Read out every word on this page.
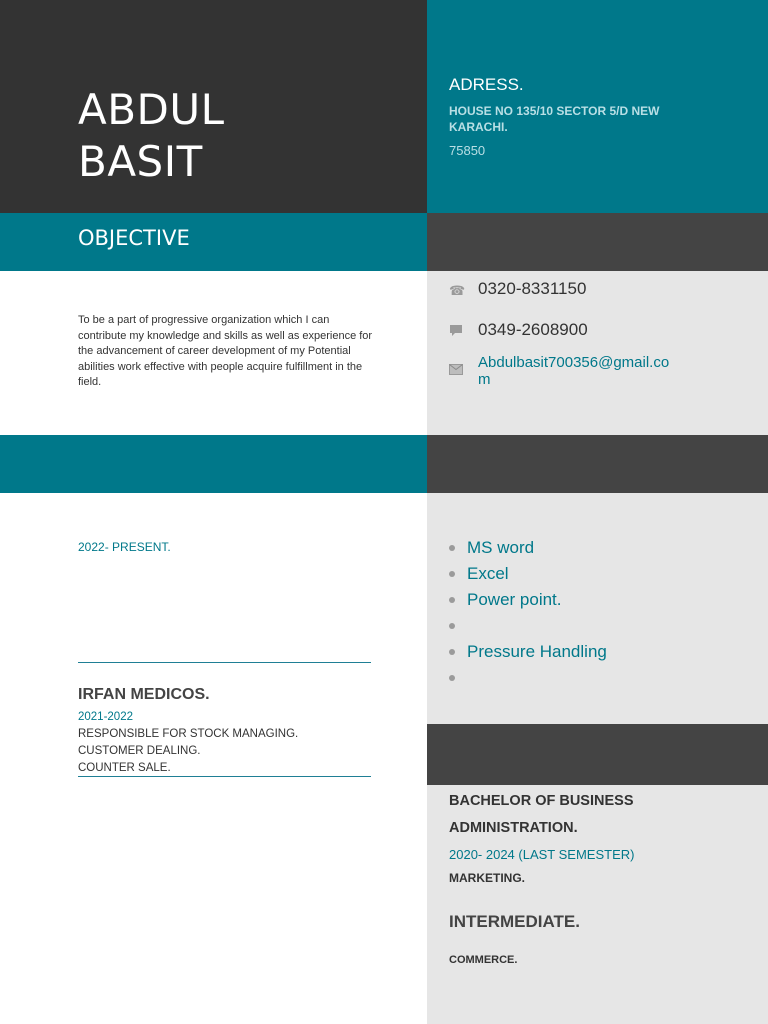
ABDUL
BASIT
ADRESS.
HOUSE NO 135/10 SECTOR 5/D NEW KARACHI.
75850
OBJECTIVE
To be a part of progressive organization which I can contribute my knowledge and skills as well as experience for the advancement of career development of my Potential abilities work effective with people acquire fulfillment in the field.
☎ 0320-8331150
0349-2608900
Abdulbasit700356@gmail.com
2022- PRESENT.
IRFAN MEDICOS.
2021-2022
RESPONSIBLE FOR STOCK MANAGING.
CUSTOMER DEALING.
COUNTER SALE.
MS word
Excel
Power point.
Pressure Handling
BACHELOR OF BUSINESS ADMINISTRATION.
2020- 2024 (LAST SEMESTER)
MARKETING.
INTERMEDIATE.
COMMERCE.
